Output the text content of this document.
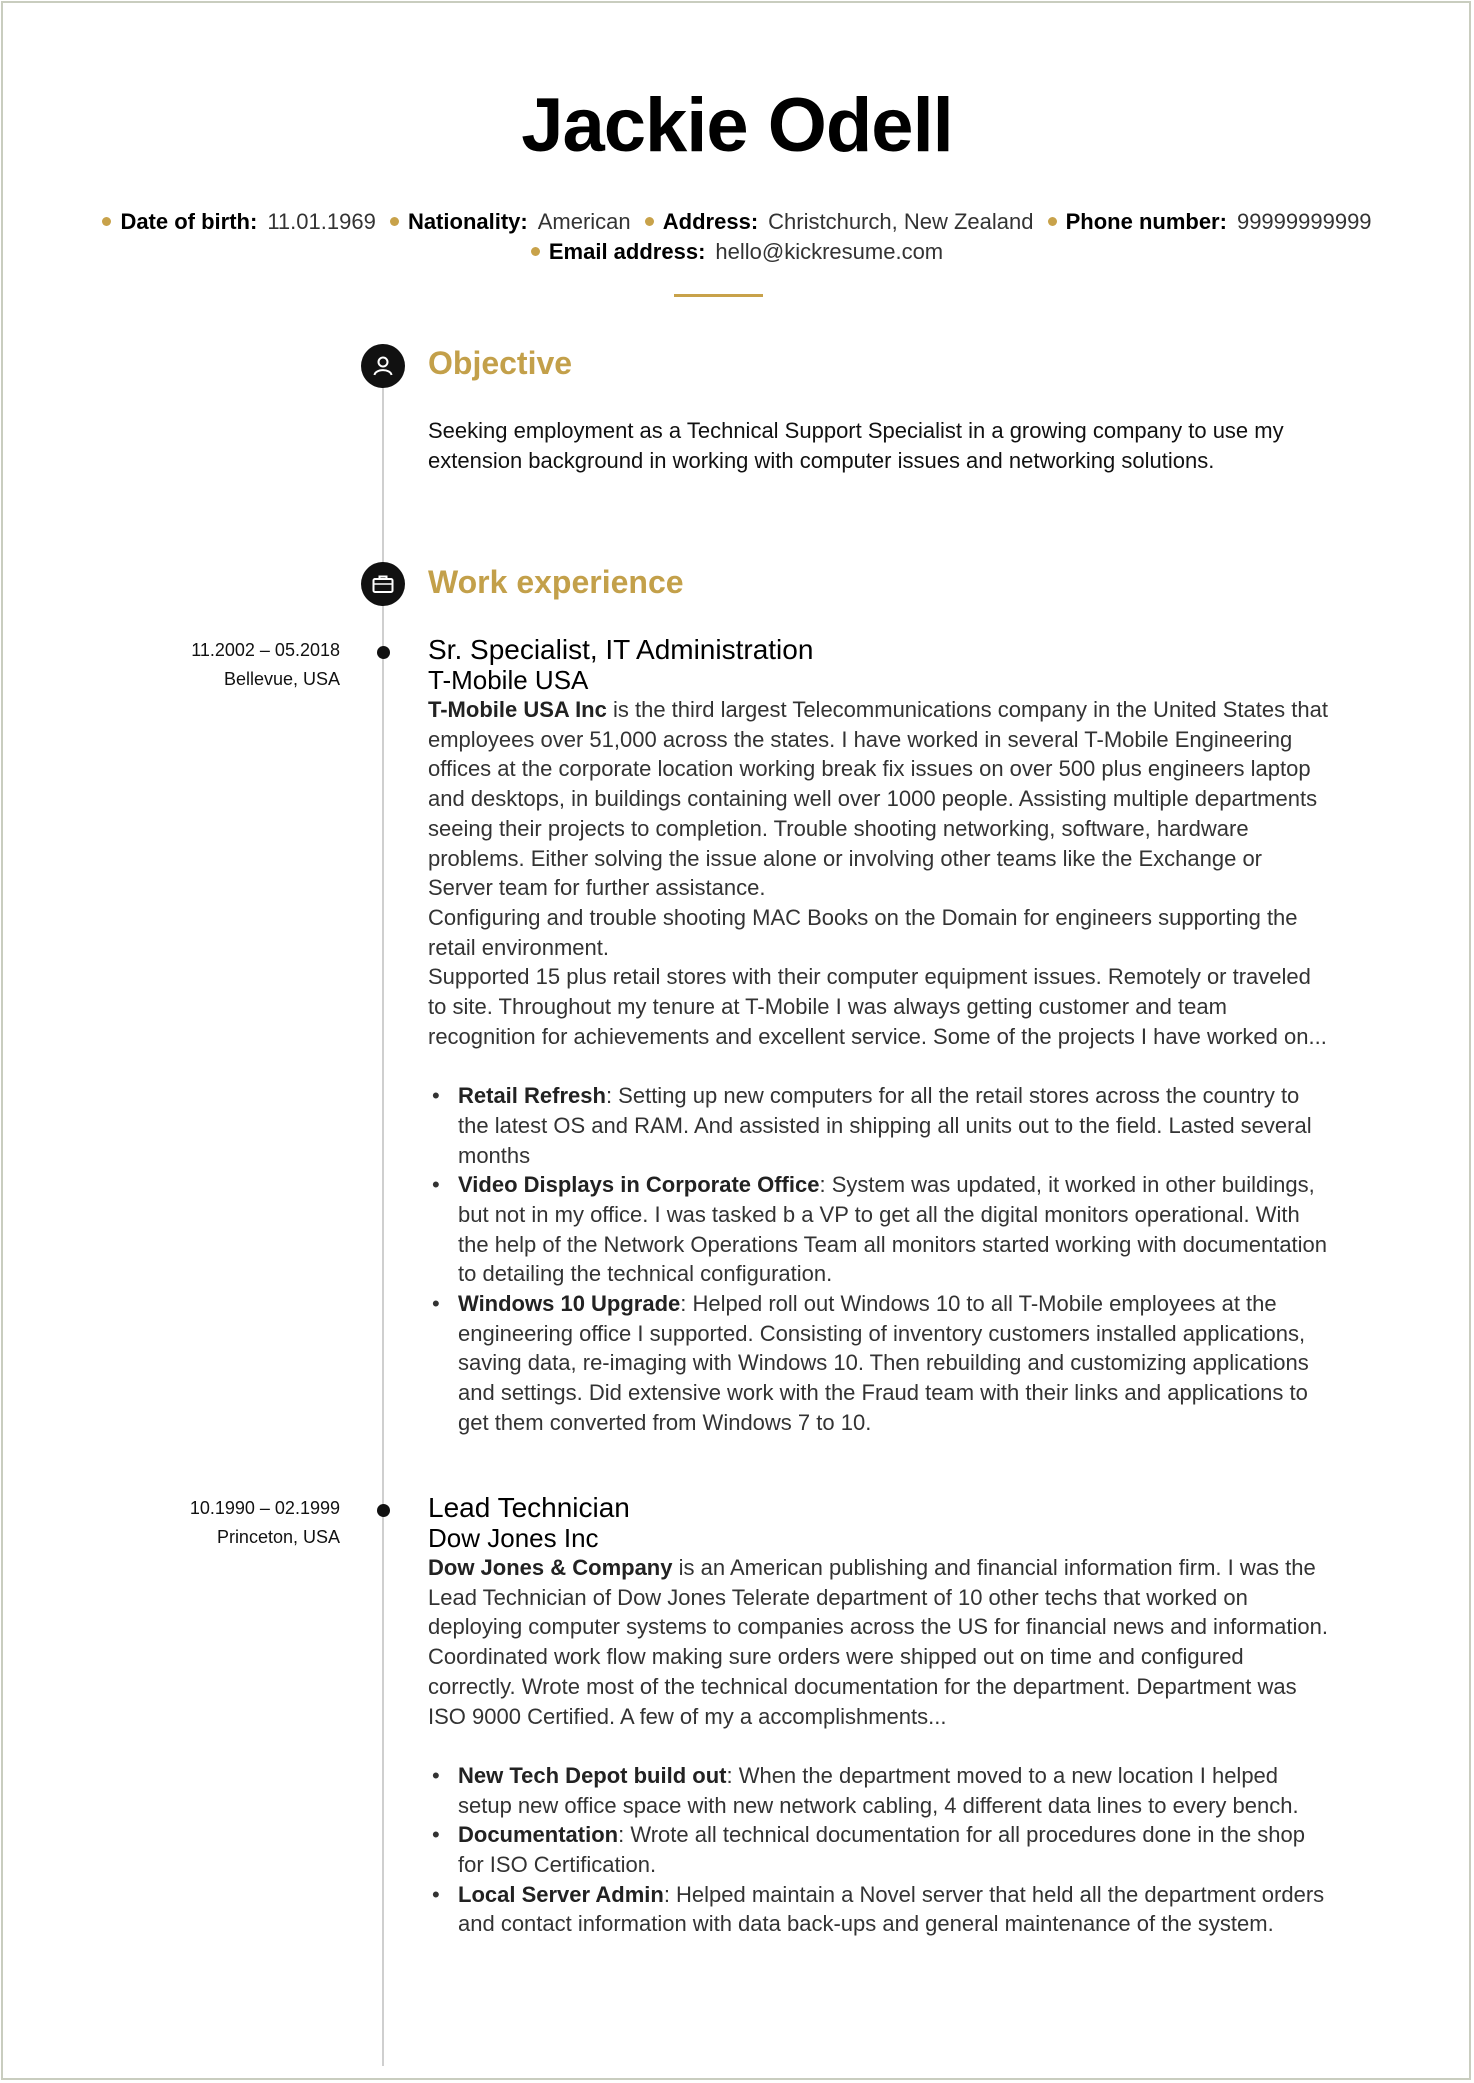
Jackie Odell
Date of birth: 11.01.1969 Nationality: American Address: Christchurch, New Zealand Phone number: 99999999999
Email address: hello@kickresume.com
Objective
Seeking employment as a Technical Support Specialist in a growing company to use my
extension background in working with computer issues and networking solutions.
Work experience
11.2002 – 05.2018
Bellevue, USA
Sr. Specialist, IT Administration
T-Mobile USA

T-Mobile USA Inc is the third largest Telecommunications company in the United States that employees over 51,000 across the states. I have worked in several T-Mobile Engineering offices at the corporate location working break fix issues on over 500 plus engineers laptop and desktops, in buildings containing well over 1000 people. Assisting multiple departments seeing their projects to completion. Trouble shooting networking, software, hardware problems. Either solving the issue alone or involving other teams like the Exchange or Server team for further assistance.

Configuring and trouble shooting MAC Books on the Domain for engineers supporting the retail environment.

Supported 15 plus retail stores with their computer equipment issues. Remotely or traveled to site. Throughout my tenure at T-Mobile I was always getting customer and team recognition for achievements and excellent service. Some of the projects I have worked on...

• Retail Refresh: Setting up new computers for all the retail stores across the country to the latest OS and RAM. And assisted in shipping all units out to the field. Lasted several months
• Video Displays in Corporate Office: System was updated, it worked in other buildings, but not in my office. I was tasked b a VP to get all the digital monitors operational. With the help of the Network Operations Team all monitors started working with documentation to detailing the technical configuration.
• Windows 10 Upgrade: Helped roll out Windows 10 to all T-Mobile employees at the engineering office I supported. Consisting of inventory customers installed applications, saving data, re-imaging with Windows 10. Then rebuilding and customizing applications and settings. Did extensive work with the Fraud team with their links and applications to get them converted from Windows 7 to 10.
10.1990 – 02.1999
Princeton, USA
Lead Technician
Dow Jones Inc

Dow Jones & Company is an American publishing and financial information firm. I was the Lead Technician of Dow Jones Telerate department of 10 other techs that worked on deploying computer systems to companies across the US for financial news and information. Coordinated work flow making sure orders were shipped out on time and configured correctly. Wrote most of the technical documentation for the department. Department was ISO 9000 Certified. A few of my a accomplishments...

• New Tech Depot build out: When the department moved to a new location I helped setup new office space with new network cabling, 4 different data lines to every bench.
• Documentation: Wrote all technical documentation for all procedures done in the shop for ISO Certification.
• Local Server Admin: Helped maintain a Novel server that held all the department orders and contact information with data back-ups and general maintenance of the system.
